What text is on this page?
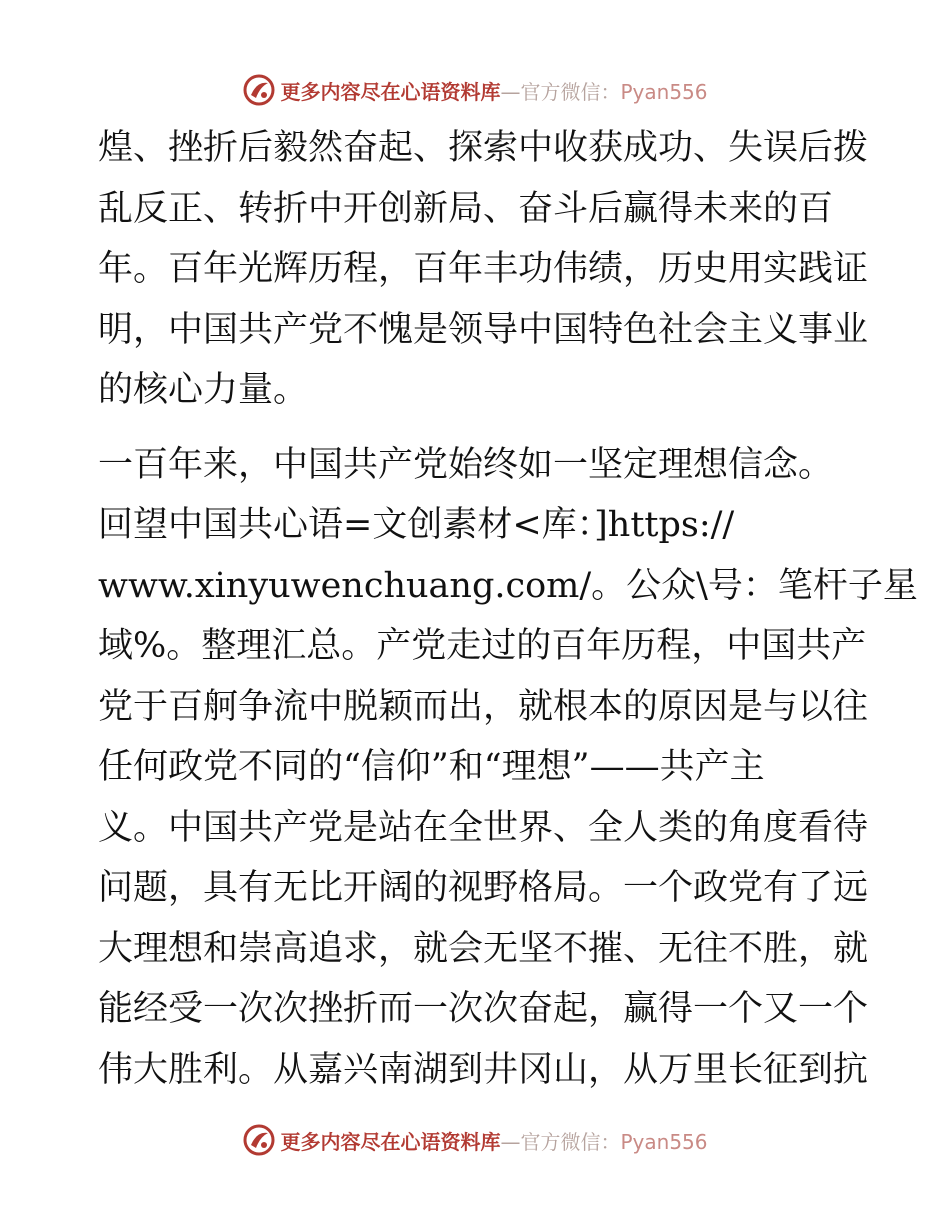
更多内容尽在心语资料库—官方微信：Pyan556
煌、挫折后毅然奋起、探索中收获成功、失误后拨
乱反正、转折中开创新局、奋斗后赢得未来的百
年。百年光辉历程，百年丰功伟绩，历史用实践证
明，中国共产党不愧是领导中国特色社会主义事业
的核心力量。
一百年来，中国共产党始终如一坚定理想信念。
回望中国共心语=文创素材<库：]https://
www.xinyuwenchuang.com/。公众\号：笔杆子星
域%。整理汇总。产党走过的百年历程，中国共产
党于百舸争流中脱颖而出，就根本的原因是与以往
任何政党不同的“信仰”和“理想”——共产主
义。中国共产党是站在全世界、全人类的角度看待
问题，具有无比开阔的视野格局。一个政党有了远
大理想和崇高追求，就会无坚不摧、无往不胜，就
能经受一次次挫折而一次次奋起，赢得一个又一个
伟大胜利。从嘉兴南湖到井冈山，从万里长征到抗
更多内容尽在心语资料库—官方微信：Pyan556
